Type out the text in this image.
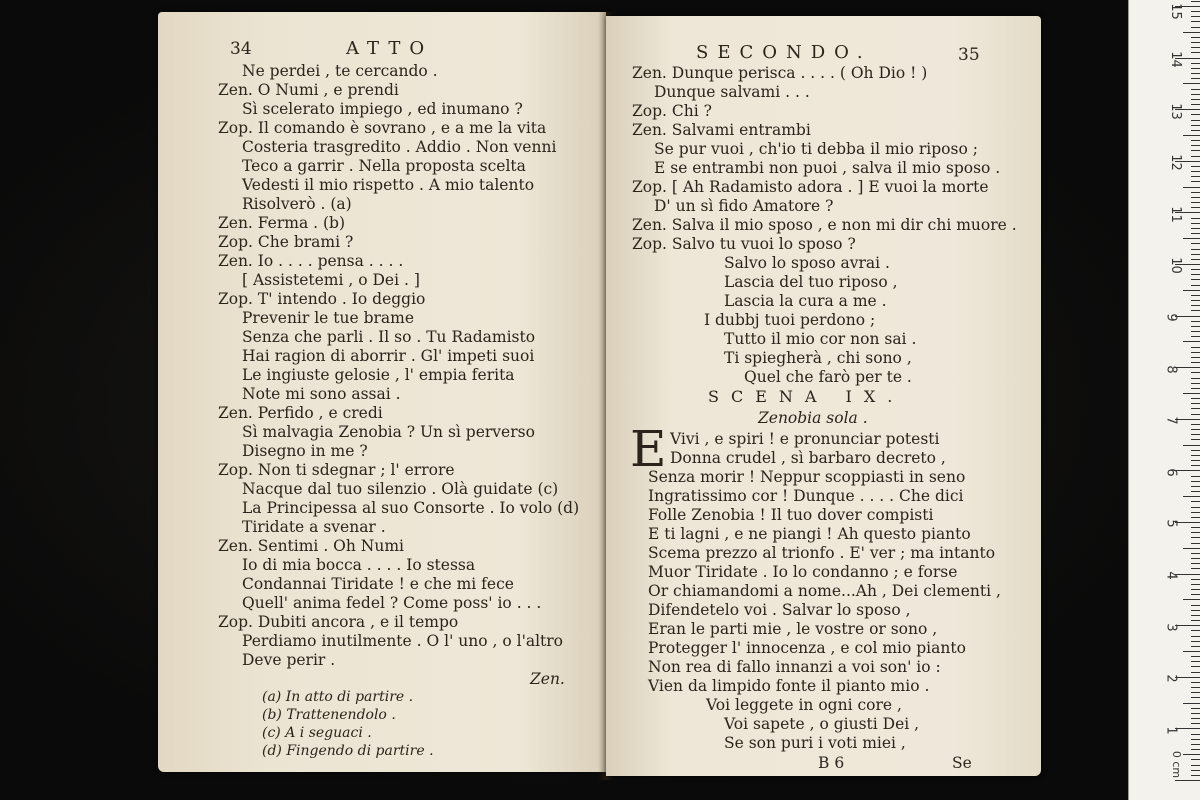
34	ATTO
Ne perdei , te cercando .
Zen. O Numi , e prendi
Sì scelerato impiego , ed inumano ?
Zop. Il comando è sovrano , e a me la vita
Costeria trasgredito . Addio . Non venni
Teco a garrir . Nella proposta scelta
Vedesti il mio rispetto . A mio talento
Risolverò . (a)
Zen. Ferma . (b)
Zop. Che brami ?
Zen. Io . . . . pensa . . . .
[ Assistetemi , o Dei . ]
Zop. T' intendo . Io deggio
Prevenir le tue brame
Senza che parli . Il so . Tu Radamisto
Hai ragion di aborrir . Gl' impeti suoi
Le ingiuste gelosie , l' empia ferita
Note mi sono assai .
Zen. Perfido , e credi
Sì malvagia Zenobia ? Un sì perverso
Disegno in me ?
Zop. Non ti sdegnar ; l' errore
Nacque dal tuo silenzio . Olà guidate (c)
La Principessa al suo Consorte . Io volo (d)
Tiridate a svenar .
Zen. Sentimi . Oh Numi
Io di mia bocca . . . . Io stessa
Condannai Tiridate ! e che mi fece
Quell' anima fedel ? Come poss' io . . .
Zop. Dubiti ancora , e il tempo
Perdiamo inutilmente . O l' uno , o l'altro
Deve perir .
Zen.
(a) In atto di partire .
(b) Trattenendolo .
(c) A i seguaci .
(d) Fingendo di partire .
SECONDO.	35
Zen. Dunque perisca . . . . ( Oh Dio ! )
Dunque salvami . . .
Zop. Chi ?
Zen. Salvami entrambi
Se pur vuoi , ch'io ti debba il mio riposo ;
E se entrambi non puoi , salva il mio sposo .
Zop. [ Ah Radamisto adora . ] E vuoi la morte
D' un sì fido Amatore ?
Zen. Salva il mio sposo , e non mi dir chi muore .
Zop. Salvo tu vuoi lo sposo ?
Salvo lo sposo avrai .
Lascia del tuo riposo ,
Lascia la cura a me .
I dubbj tuoi perdono ;
Tutto il mio cor non sai .
Ti spiegherà , chi sono ,
Quel che farò per te .
SCENA IX.
Zenobia sola .
E Vivi , e spiri ! e pronunciar potesti
Donna crudel , sì barbaro decreto ,
Senza morir ! Neppur scoppiasti in seno
Ingratissimo cor ! Dunque . . . . Che dici
Folle Zenobia ! Il tuo dover compisti
E ti lagni , e ne piangi ! Ah questo pianto
Scema prezzo al trionfo . E' ver ; ma intanto
Muor Tiridate . Io lo condanno ; e forse
Or chiamandomi a nome...Ah , Dei clementi ,
Difendetelo voi . Salvar lo sposo ,
Eran le parti mie , le vostre or sono ,
Protegger l' innocenza , e col mio pianto
Non rea di fallo innanzi a voi son' io :
Vien da limpido fonte il pianto mio .
Voi leggete in ogni core ,
Voi sapete , o giusti Dei ,
Se son puri i voti miei ,
B 6	Se
1
2
3
4
5
6
7
8
9
10
11
12
13
14
15
0 cm
